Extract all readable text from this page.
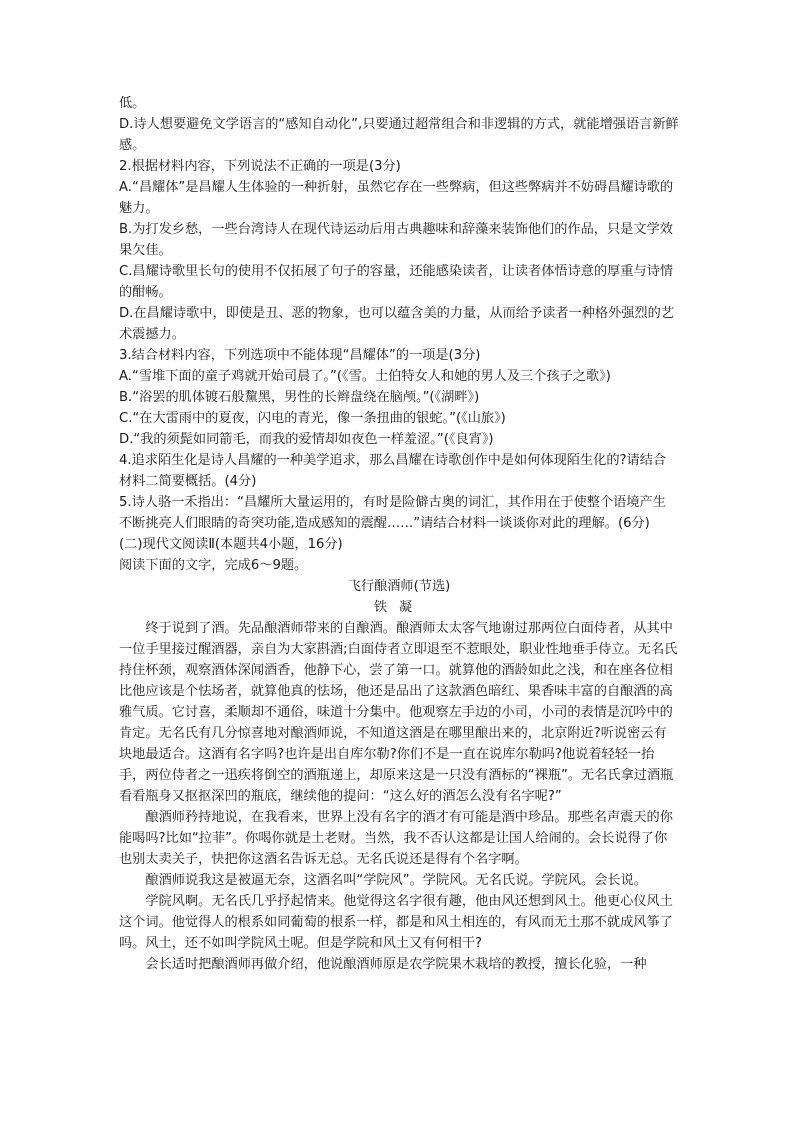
低。

D.诗人想要避免文学语言的“感知自动化”,只要通过超常组合和非逻辑的方式，就能增强语言新鲜感。

2.根据材料内容，下列说法不正确的一项是(3分)

A.“昌耀体”是昌耀人生体验的一种折射，虽然它存在一些弊病，但这些弊病并不妨碍昌耀诗歌的魅力。

B.为打发乡愁，一些台湾诗人在现代诗运动后用古典趣味和辞藻来装饰他们的作品，只是文学效果欠佳。

C.昌耀诗歌里长句的使用不仅拓展了句子的容量，还能感染读者，让读者体悟诗意的厚重与诗情的酣畅。

D.在昌耀诗歌中，即使是丑、恶的物象，也可以蕴含美的力量，从而给予读者一种格外强烈的艺术震撼力。

3.结合材料内容，下列选项中不能体现“昌耀体”的一项是(3分)

A.“雪堆下面的童子鸡就开始司晨了。”(《雪。土伯特女人和她的男人及三个孩子之歌》)

B.“浴罢的肌体镀石般黧黑，男性的长辫盘绕在脑颅。”(《湖畔》)

C.“在大雷雨中的夏夜，闪电的青光，像一条扭曲的银蛇。”(《山旅》)

D.“我的须髭如同箭毛，而我的爱情却如夜色一样羞涩。”(《良宵》)

4.追求陌生化是诗人昌耀的一种美学追求，那么昌耀在诗歌创作中是如何体现陌生化的?请结合材料二简要概括。(4分)

5.诗人骆一禾指出：“昌耀所大量运用的，有时是险僻古奥的词汇，其作用在于使整个语境产生不断挑亮人们眼睛的奇突功能,造成感知的震醒……”请结合材料一谈谈你对此的理解。(6分)

(二)现代文阅读Ⅱ(本题共4小题，16分)

阅读下面的文字，完成6～9题。

飞行酿酒师(节选)

铁凝

终于说到了酒。先品酿酒师带来的自酿酒。酿酒师太太客气地谢过那两位白面侍者，从其中一位手里接过醒酒器，亲自为大家斟酒;白面侍者立即退至不惹眼处，职业性地垂手侍立。无名氏持住杯颈，观察酒体深闻酒香，他静下心，尝了第一口。就算他的酒龄如此之浅，和在座各位相比他应该是个怯场者，就算他真的怯场，他还是品出了这款酒色暗红、果香味丰富的自酿酒的高雅气质。它讨喜，柔顺却不通俗，味道十分集中。他观察左手边的小司，小司的表情是沉吟中的肯定。无名氏有几分惊喜地对酿酒师说，不知道这酒是在哪里酿出来的，北京附近?听说密云有块地最适合。这酒有名字吗?也许是出自库尔勒?你们不是一直在说库尔勒吗?他说着轻轻一抬手，两位侍者之一迅疾将倒空的酒瓶递上，却原来这是一只没有酒标的“裸瓶”。无名氏拿过酒瓶看看瓶身又抠抠深凹的瓶底，继续他的提问：“这么好的酒怎么没有名字呢?”

酿酒师矜持地说，在我看来，世界上没有名字的酒才有可能是酒中珍品。那些名声震天的你能喝吗?比如“拉菲”。你喝你就是土老财。当然，我不否认这都是让国人给闹的。会长说得了你也别太卖关子，快把你这酒名告诉无总。无名氏说还是得有个名字啊。

酿酒师说我这是被逼无奈，这酒名叫“学院风”。学院风。无名氏说。学院风。会长说。

学院风啊。无名氏几乎抒起情来。他觉得这名字很有趣，他由风还想到风土。他更心仪风土这个词。他觉得人的根系如同葡萄的根系一样，都是和风土相连的，有风而无土那不就成风筝了吗。风土，还不如叫学院风土呢。但是学院和风土又有何相干?

会长适时把酿酒师再做介绍，他说酿酒师原是农学院果木栽培的教授，擅长化验，一种
